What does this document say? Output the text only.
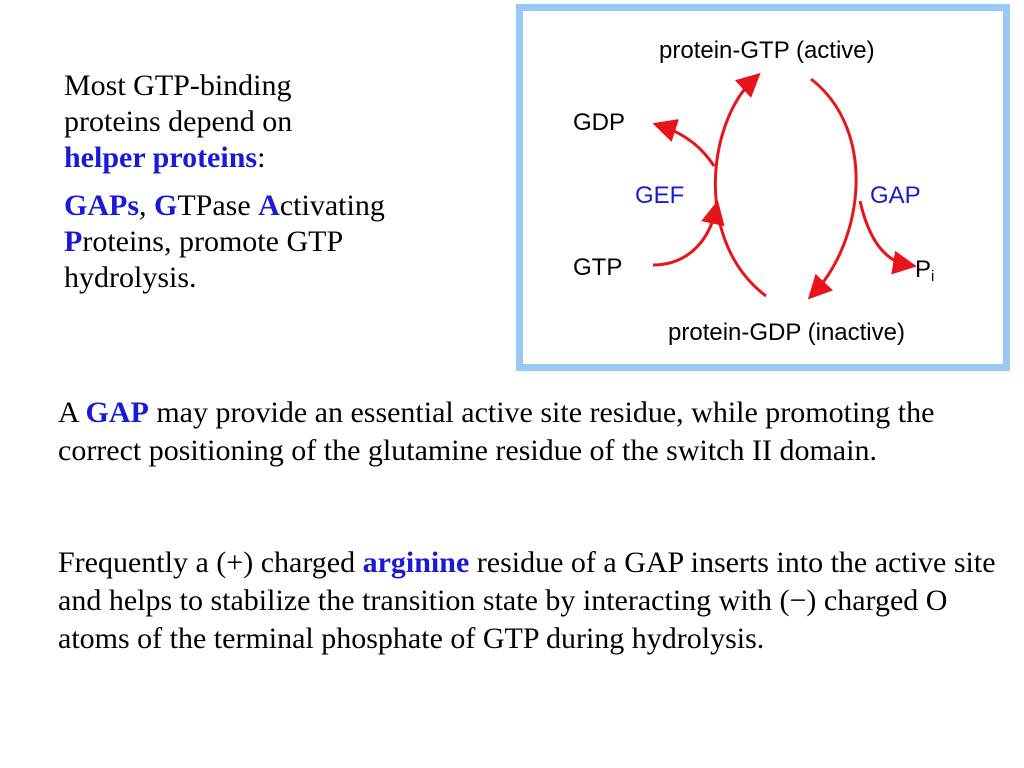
Most GTP-binding
proteins depend on
helper proteins:

GAPs, GTPase Activating
Proteins, promote GTP
hydrolysis.

protein-GTP (active)
GDP
GEF	GAP
GTP	$P_i$
protein-GDP (inactive)

A GAP may provide an essential active site residue, while promoting the correct positioning of the glutamine residue of the switch II domain.

Frequently a (+) charged arginine residue of a GAP inserts into the active site and helps to stabilize the transition state by interacting with (−) charged O atoms of the terminal phosphate of GTP during hydrolysis.
